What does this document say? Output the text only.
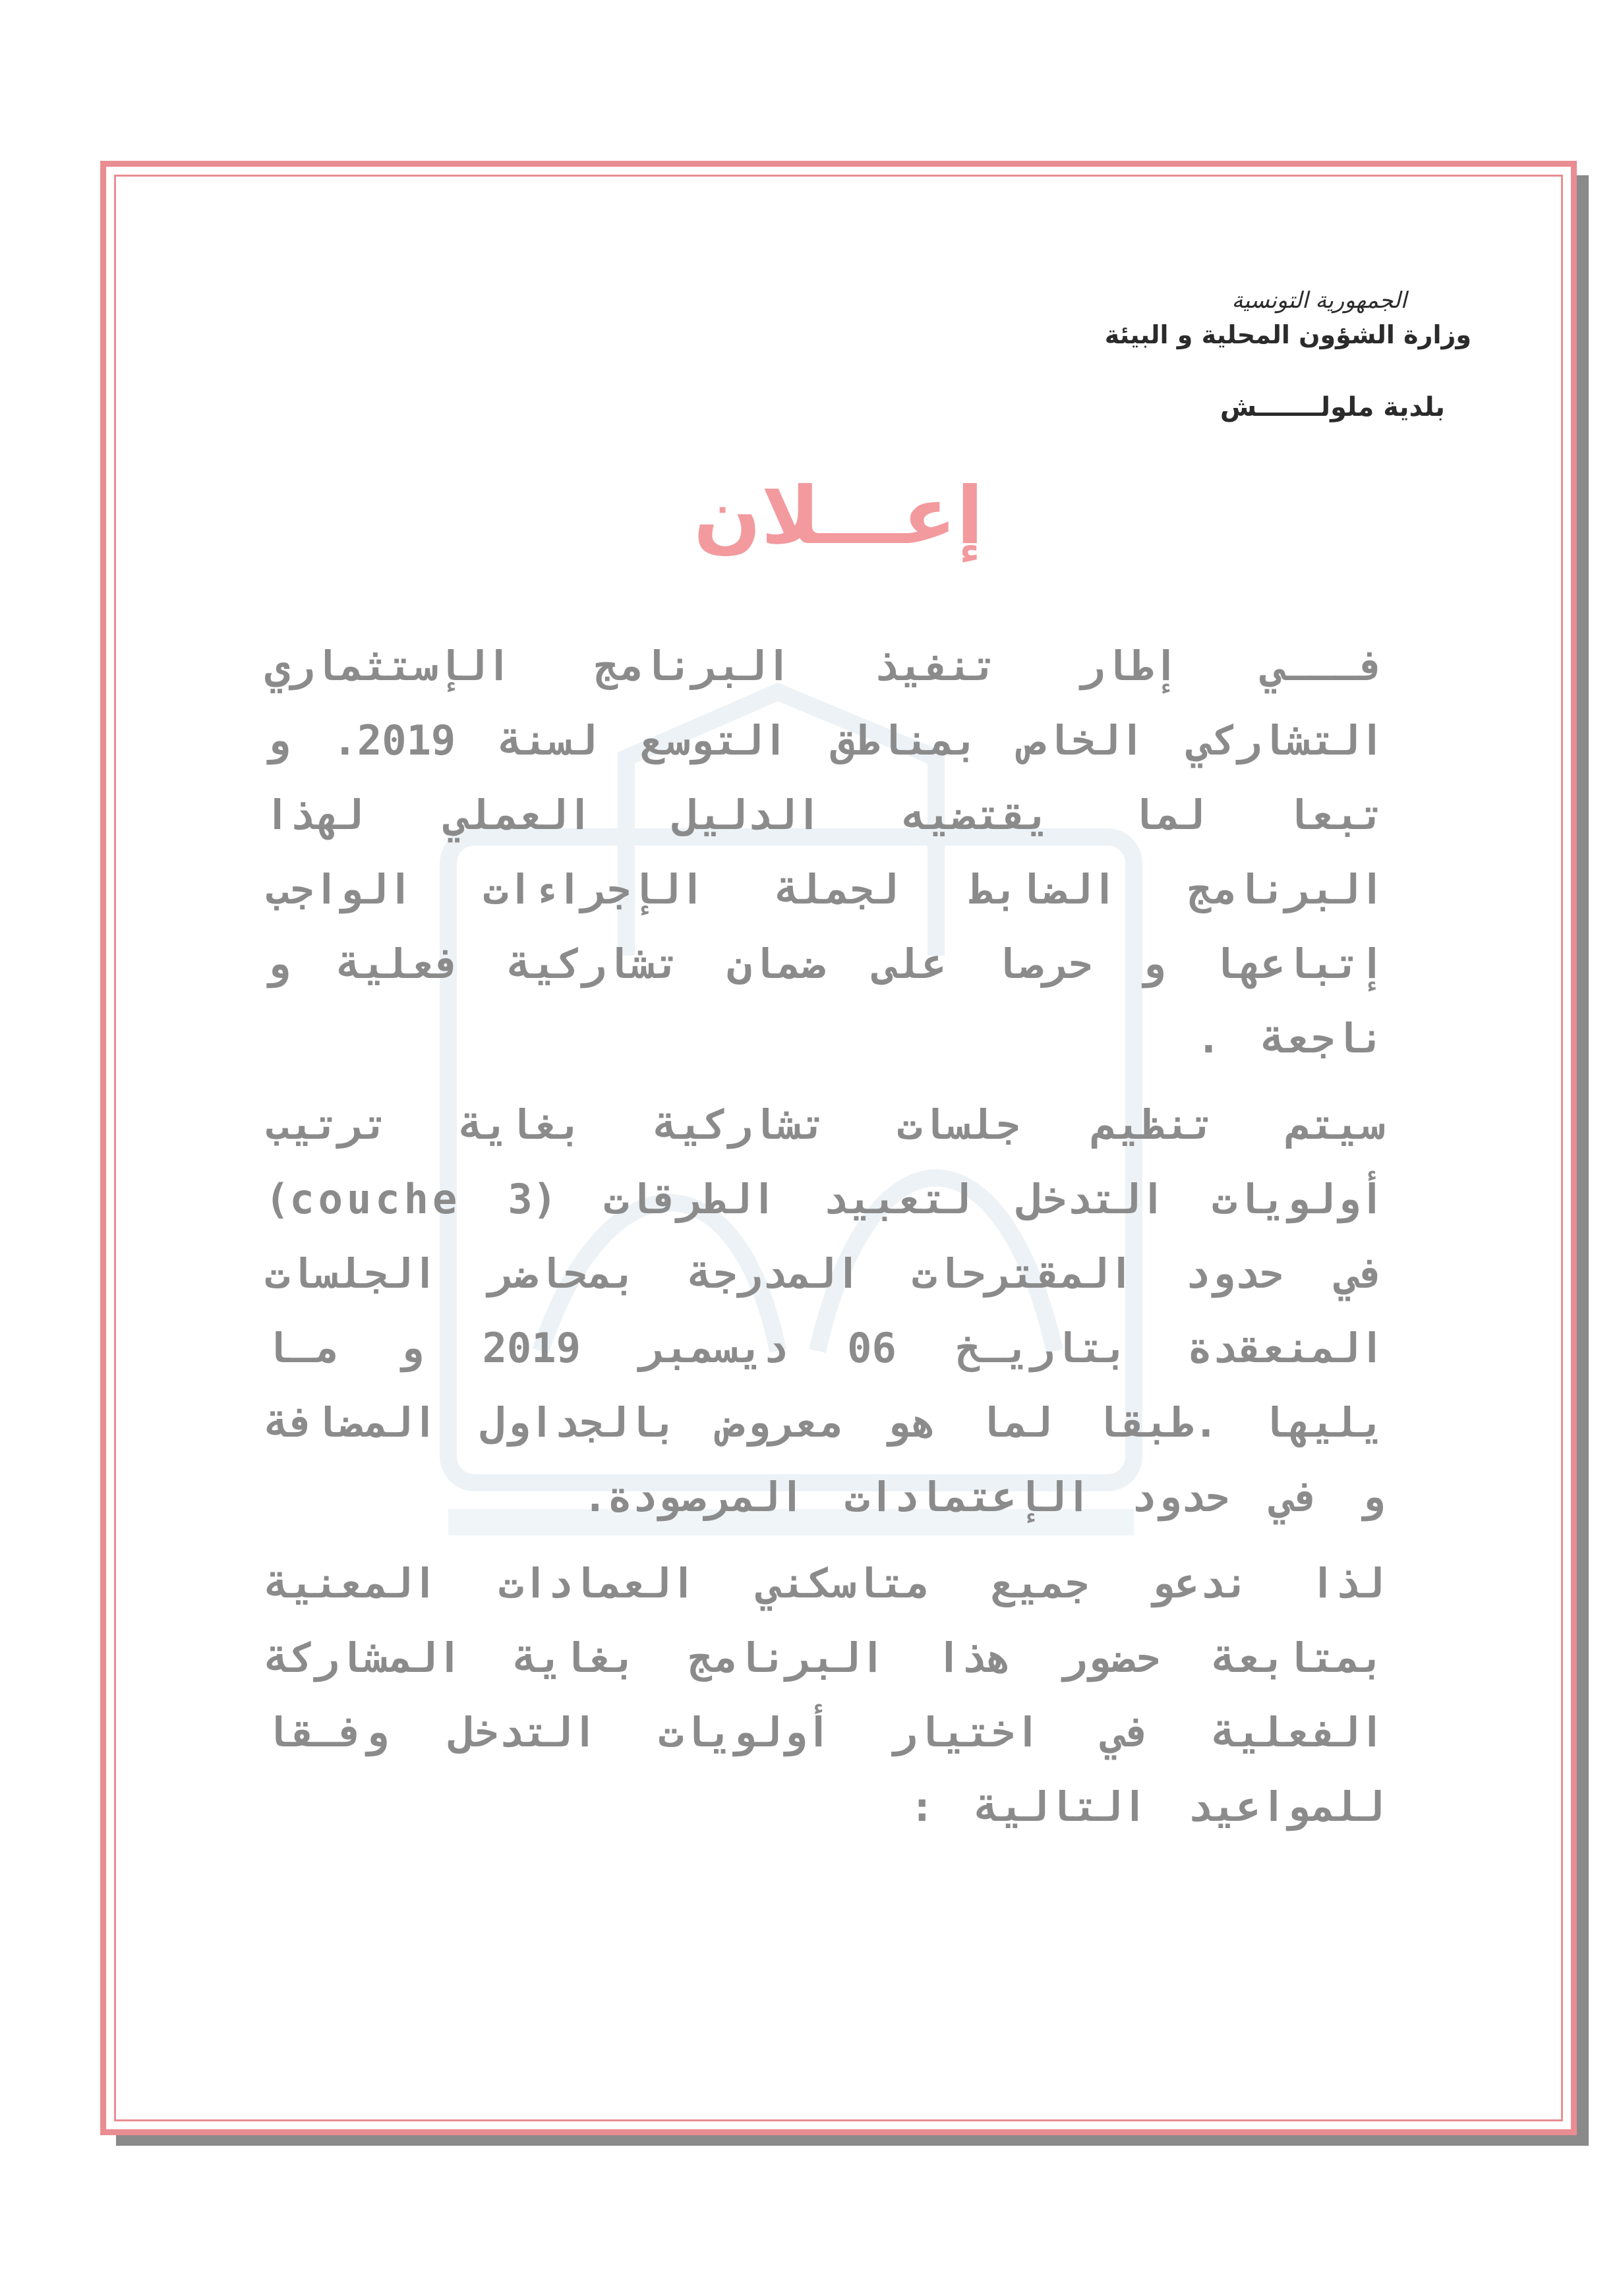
الجمهورية التونسية
وزارة الشؤون المحلية و البيئة
بلدية ملولـــــــش
إعـــلان

فـــي إطار تنفيذ البرنامج الإستثماري التشاركي الخاص بمناطق التوسع لسنة 2019. و تبعا لما يقتضيه الدليل العملي لهذا البرنامج الضابط لجملة الإجراءات الواجب إتباعها و حرصا على ضمان تشاركية فعلية و ناجعة .

سيتم تنظيم جلسات تشاركية بغاية ترتيب أولويات التدخل لتعبيد الطرقات (3 couche) في حدود المقترحات المدرجة بمحاضر الجلسات المنعقدة بتاريـخ 06 ديسمبر 2019 و مـا يليها .طبقا لما هو معروض بالجداول المضافة و في حدود الإعتمادات المرصودة.

لذا ندعو جميع متاسكني العمادات المعنية بمتابعة حضور هذا البرنامج بغاية المشاركة الفعلية في اختيار أولويات التدخل وفـقا للمواعيد التالية :
